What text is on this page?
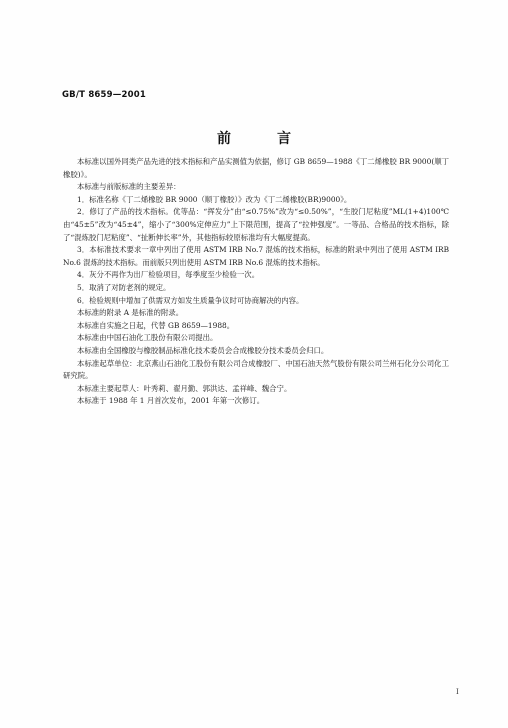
GB/T 8659—2001
前　言

本标准以国外同类产品先进的技术指标和产品实测值为依据，修订 GB 8659—1988《丁二烯橡胶 BR 9000(顺丁橡胶)》。

本标准与前版标准的主要差异：

1．标准名称《丁二烯橡胶 BR 9000（顺丁橡胶）》改为《丁二烯橡胶(BR)9000》。

2．修订了产品的技术指标。优等品：“挥发分”由“≤0.75%”改为“≤0.50%”，“生胶门尼粘度”ML(1+4)100℃由“45±5”改为“45±4”，缩小了“300%定伸应力”上下限范围，提高了“拉伸强度”。一等品、合格品的技术指标，除了“混炼胶门尼粘度”、“扯断伸长率”外，其他指标较原标准均有大幅度提高。

3．本标准技术要求一章中列出了使用 ASTM IRB No.7 混炼的技术指标，标准的附录中列出了使用 ASTM IRB No.6 混炼的技术指标。而前版只列出使用 ASTM IRB No.6 混炼的技术指标。

4．灰分不再作为出厂检验项目，每季度至少检验一次。

5．取消了对防老剂的规定。

6．检验规则中增加了供需双方如发生质量争议时可协商解决的内容。

本标准的附录 A 是标准的附录。

本标准自实施之日起，代替 GB 8659—1988。

本标准由中国石油化工股份有限公司提出。

本标准由全国橡胶与橡胶制品标准化技术委员会合成橡胶分技术委员会归口。

本标准起草单位：北京燕山石油化工股份有限公司合成橡胶厂、中国石油天然气股份有限公司兰州石化分公司化工研究院。

本标准主要起草人：叶秀莉、翟月勤、郭洪达、孟祥峰、魏合宁。

本标准于 1988 年 1 月首次发布，2001 年第一次修订。

I
